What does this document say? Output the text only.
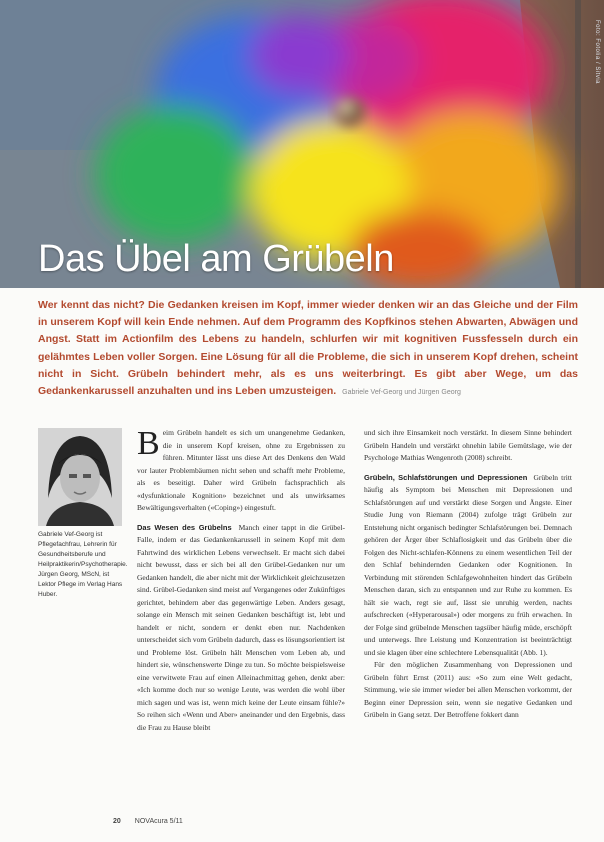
Foto: Fotolia / Sitvia
Das Übel am Grübeln
Wer kennt das nicht? Die Gedanken kreisen im Kopf, immer wieder denken wir an das Gleiche und der Film in unserem Kopf will kein Ende nehmen. Auf dem Programm des Kopfkinos stehen Abwarten, Abwägen und Angst. Statt im Actionfilm des Lebens zu handeln, schlurfen wir mit kognitiven Fussfesseln durch ein gelähmtes Leben voller Sorgen. Eine Lösung für all die Probleme, die sich in unserem Kopf drehen, scheint nicht in Sicht. Grübeln behindert mehr, als es uns weiterbringt. Es gibt aber Wege, um das Gedankenkarussell anzuhalten und ins Leben umzusteigen. Gabriele Vef-Georg und Jürgen Georg
Gabriele Vef-Georg ist Pflegefachfrau, Lehrerin für Gesundheitsberufe und Heilpraktikerin/Psychotherapie.
Jürgen Georg, MScN, ist Lektor Pflege im Verlag Hans Huber.

Beim Grübeln handelt es sich um unangenehme Gedanken, die in unserem Kopf kreisen, ohne zu Ergebnissen zu führen. Mitunter lässt uns diese Art des Denkens den Wald vor lauter Problembäumen nicht sehen und schafft mehr Probleme, als es beseitigt. Daher wird Grübeln fachsprachlich als «dysfunktionale Kognition» bezeichnet und als unwirksames Bewältigungsverhalten («Coping») eingestuft.

Das Wesen des Grübelns Manch einer tappt in die Grübel-Falle, indem er das Gedankenkarussell in seinem Kopf mit dem Fahrtwind des wirklichen Lebens verwechselt. Er macht sich dabei nicht bewusst, dass er sich bei all den Grübel-Gedanken nur um Gedanken handelt, die aber nicht mit der Wirklichkeit gleichzusetzen sind. Grübel-Gedanken sind meist auf Vergangenes oder Zukünftiges gerichtet, behindern aber das gegenwärtige Leben. Anders gesagt, solange ein Mensch mit seinen Gedanken beschäftigt ist, lebt und handelt er nicht, sondern er denkt eben nur. Nachdenken unterscheidet sich vom Grübeln dadurch, dass es lösungsorientiert ist und Probleme löst. Grübeln hält Menschen vom Leben ab, und hindert sie, wünschenswerte Dinge zu tun. So möchte beispielsweise eine verwitwete Frau auf einen Alleinachmittag gehen, denkt aber: «Ich komme doch nur so wenige Leute, was werden die wohl über mich sagen und was ist, wenn mich keine der Leute einsam fühle?» So reihen sich «Wenn und Aber» aneinander und den Ergebnis, dass die Frau zu Hause bleibt

und sich ihre Einsamkeit noch verstärkt. In diesem Sinne behindert Grübeln Handeln und verstärkt ohnehin labile Gemütslage, wie der Psychologe Mathias Wengenroth (2008) schreibt.

Grübeln, Schlafstörungen und Depressionen Grübeln tritt häufig als Symptom bei Menschen mit Depressionen und Schlafstörungen auf und verstärkt diese Sorgen und Ängste. Einer Studie Jung von Riemann (2004) zufolge trägt Grübeln zur Entstehung nicht organisch bedingter Schlafstörungen bei. Demnach gehören der Ärger über Schlaflosigkeit und das Grübeln über die Folgen des Nicht-schlafen-Könnens zu einem wesentlichen Teil der den Schlaf behindernden Gedanken oder Kognitionen. In Verbindung mit störenden Schlafgewohnheiten hindert das Grübeln Menschen daran, sich zu entspannen und zur Ruhe zu kommen. Es hält sie wach, regt sie auf, lässt sie unruhig werden, nachts aufschrecken («Hyperarousal») oder morgens zu früh erwachen. In der Folge sind grübelnde Menschen tagsüber häufig müde, erschöpft und unterwegs. Ihre Leistung und Konzentration ist beeinträchtigt und sie klagen über eine schlechtere Lebensqualität (Abb. 1).

Für den möglichen Zusammenhang von Depressionen und Grübeln führt Ernst (2011) aus: «So zum eine Welt gedacht, Stimmung, wie sie immer wieder bei allen Menschen vorkommt, der Beginn einer Depression sein, wenn sie negative Gedanken und Grübeln in Gang setzt. Der Betroffene fokkert dann

20 NOVAcura 5/11
